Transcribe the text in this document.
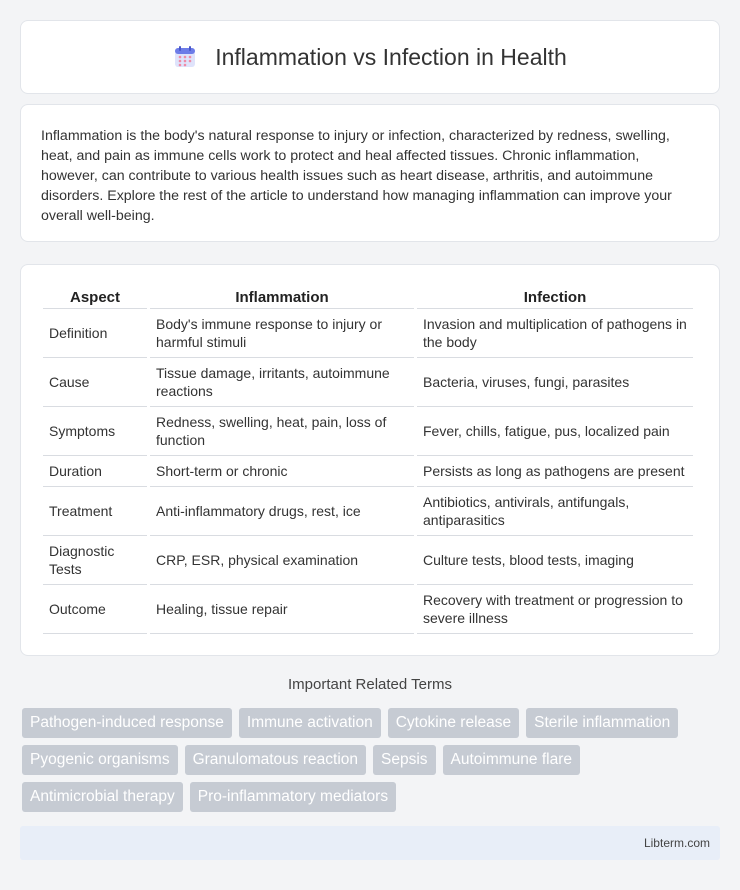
Inflammation vs Infection in Health

Inflammation is the body's natural response to injury or infection, characterized by redness, swelling, heat, and pain as immune cells work to protect and heal affected tissues. Chronic inflammation, however, can contribute to various health issues such as heart disease, arthritis, and autoimmune disorders. Explore the rest of the article to understand how managing inflammation can improve your overall well-being.

Aspect	Inflammation	Infection
Definition	Body's immune response to injury or harmful stimuli	Invasion and multiplication of pathogens in the body
Cause	Tissue damage, irritants, autoimmune reactions	Bacteria, viruses, fungi, parasites
Symptoms	Redness, swelling, heat, pain, loss of function	Fever, chills, fatigue, pus, localized pain
Duration	Short-term or chronic	Persists as long as pathogens are present
Treatment	Anti-inflammatory drugs, rest, ice	Antibiotics, antivirals, antifungals, antiparasitics
Diagnostic Tests	CRP, ESR, physical examination	Culture tests, blood tests, imaging
Outcome	Healing, tissue repair	Recovery with treatment or progression to severe illness
Important Related Terms
Pathogen-induced response	Immune activation	Cytokine release	Sterile inflammation
Pyogenic organisms	Granulomatous reaction	Sepsis	Autoimmune flare
Antimicrobial therapy	Pro-inflammatory mediators
Libterm.com
